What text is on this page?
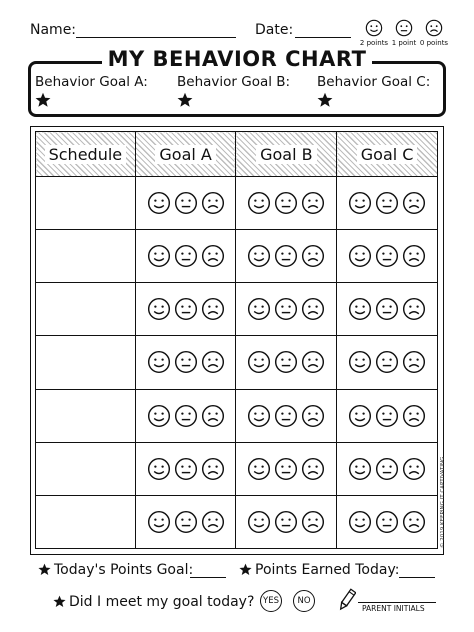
Name:	Date:
2 points 1 point 0 points
MY BEHAVIOR CHART
Behavior Goal A: Behavior Goal B: Behavior Goal C:
Schedule	Goal A	Goal B	Goal C

© 2019 KEEPING IT CAPTIVATING
Today's Points Goal:	Points Earned Today:
Did I meet my goal today?	YES	NO
PARENT INITIALS
